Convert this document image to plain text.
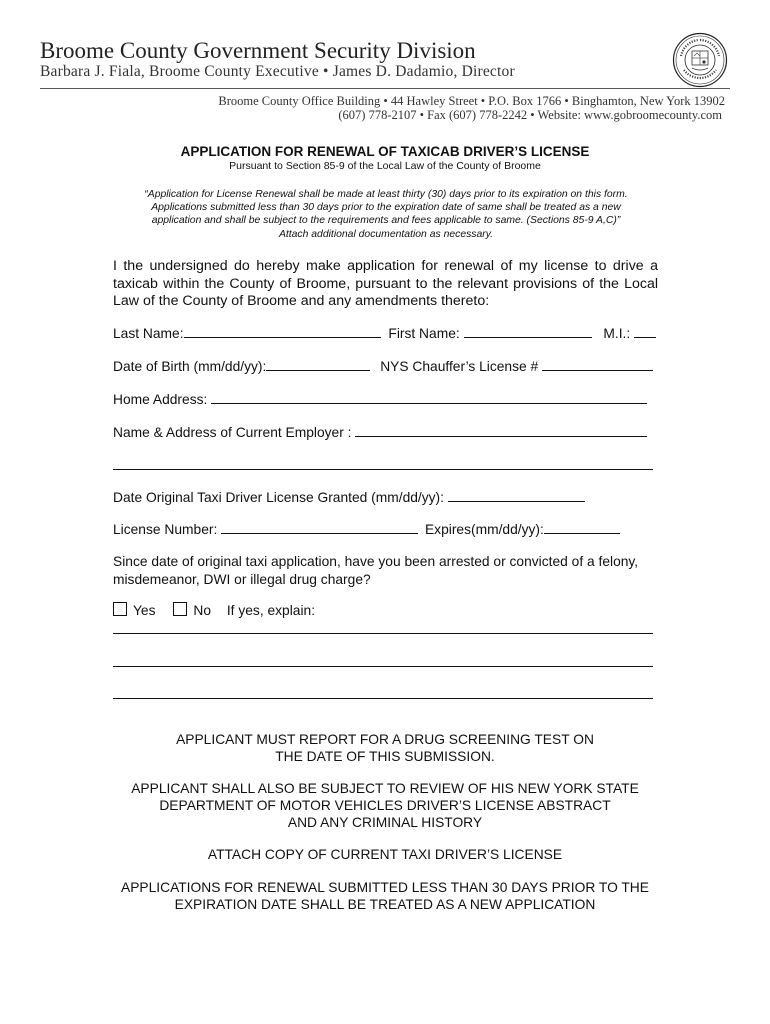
Broome County Government Security Division
Barbara J. Fiala, Broome County Executive • James D. Dadamio, Director
Broome County Office Building • 44 Hawley Street • P.O. Box 1766 • Binghamton, New York 13902
(607) 778-2107 • Fax (607) 778-2242 • Website: www.gobroomecounty.com
APPLICATION FOR RENEWAL OF TAXICAB DRIVER’S LICENSE
Pursuant to Section 85-9 of the Local Law of the County of Broome
“Application for License Renewal shall be made at least thirty (30) days prior to its expiration on this form.
Applications submitted less than 30 days prior to the expiration date of same shall be treated as a new
application and shall be subject to the requirements and fees applicable to same. (Sections 85-9 A,C)”
Attach additional documentation as necessary.
I the undersigned do hereby make application for renewal of my license to drive a taxicab within the County of Broome, pursuant to the relevant provisions of the Local Law of the County of Broome and any amendments thereto:
Last Name:	First Name:	M.I.:
Date of Birth (mm/dd/yy):	NYS Chauffer’s License #
Home Address:
Name & Address of Current Employer :
Date Original Taxi Driver License Granted (mm/dd/yy):
License Number:	Expires(mm/dd/yy):
Since date of original taxi application, have you been arrested or convicted of a felony,
misdemeanor, DWI or illegal drug charge?
Yes	No If yes, explain:
APPLICANT MUST REPORT FOR A DRUG SCREENING TEST ON
THE DATE OF THIS SUBMISSION.
APPLICANT SHALL ALSO BE SUBJECT TO REVIEW OF HIS NEW YORK STATE
DEPARTMENT OF MOTOR VEHICLES DRIVER’S LICENSE ABSTRACT
AND ANY CRIMINAL HISTORY
ATTACH COPY OF CURRENT TAXI DRIVER’S LICENSE
APPLICATIONS FOR RENEWAL SUBMITTED LESS THAN 30 DAYS PRIOR TO THE
EXPIRATION DATE SHALL BE TREATED AS A NEW APPLICATION
